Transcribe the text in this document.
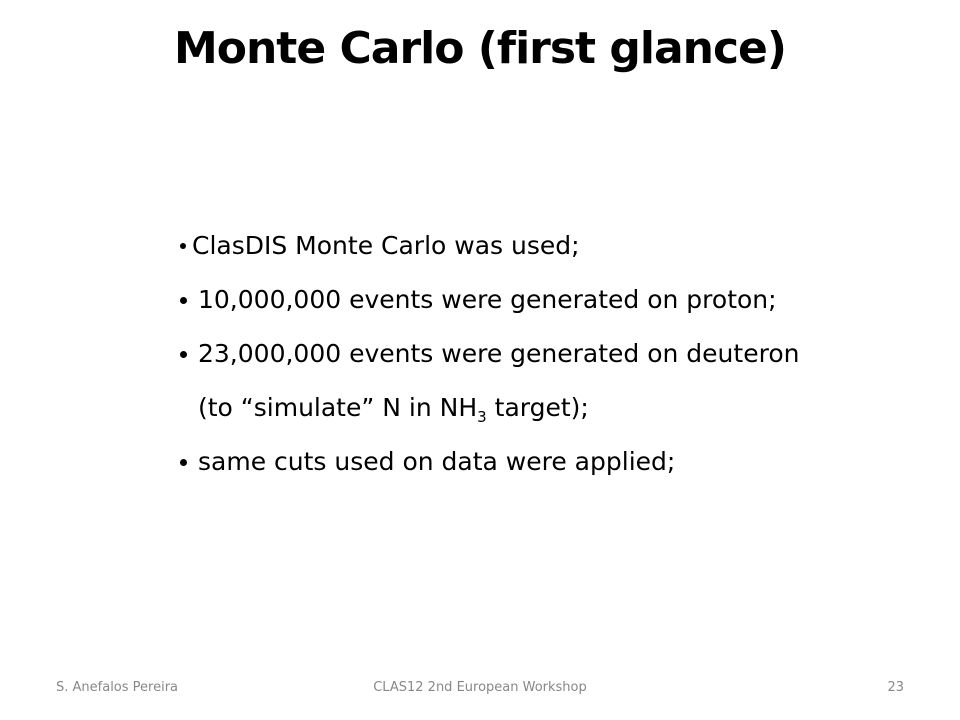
Monte Carlo (first glance)
ClasDIS Monte Carlo was used;
10,000,000 events were generated on proton;
23,000,000 events were generated on deuteron
(to “simulate” N in $NH_3$ target);
same cuts used on data were applied;
S. Anefalos Pereira	CLAS12 2nd European Workshop	23
